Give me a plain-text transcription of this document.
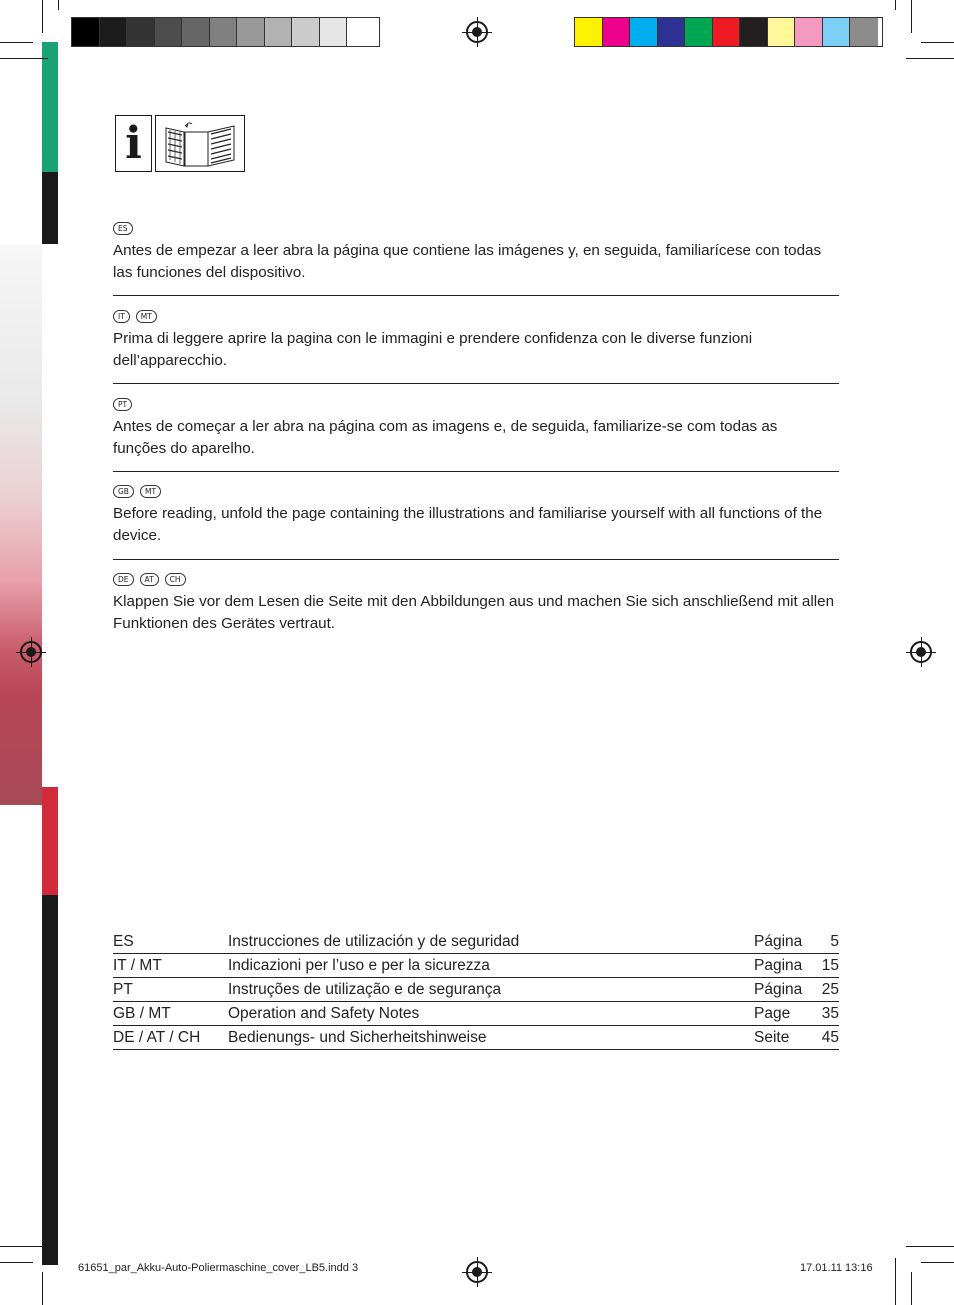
i
ES
Antes de empezar a leer abra la página que contiene las imágenes y, en seguida, familiarícese con todas las funciones del dispositivo.
IT	MT
Prima di leggere aprire la pagina con le immagini e prendere confidenza con le diverse funzioni dell’apparecchio.
PT
Antes de começar a ler abra na página com as imagens e, de seguida, familiarize-se com todas as funções do aparelho.
GB	MT
Before reading, unfold the page containing the illustrations and familiarise yourself with all functions of the device.
DE	AT	CH
Klappen Sie vor dem Lesen die Seite mit den Abbildungen aus und machen Sie sich anschließend mit allen Funktionen des Gerätes vertraut.
ES	Instrucciones de utilización y de seguridad	Página	5
IT / MT	Indicazioni per l’uso e per la sicurezza	Pagina	15
PT	Instruções de utilização e de segurança	Página	25
GB / MT	Operation and Safety Notes	Page	35
DE / AT / CH	Bedienungs- und Sicherheitshinweise	Seite	45
61651_par_Akku-Auto-Poliermaschine_cover_LB5.indd 3	17.01.11 13:16
